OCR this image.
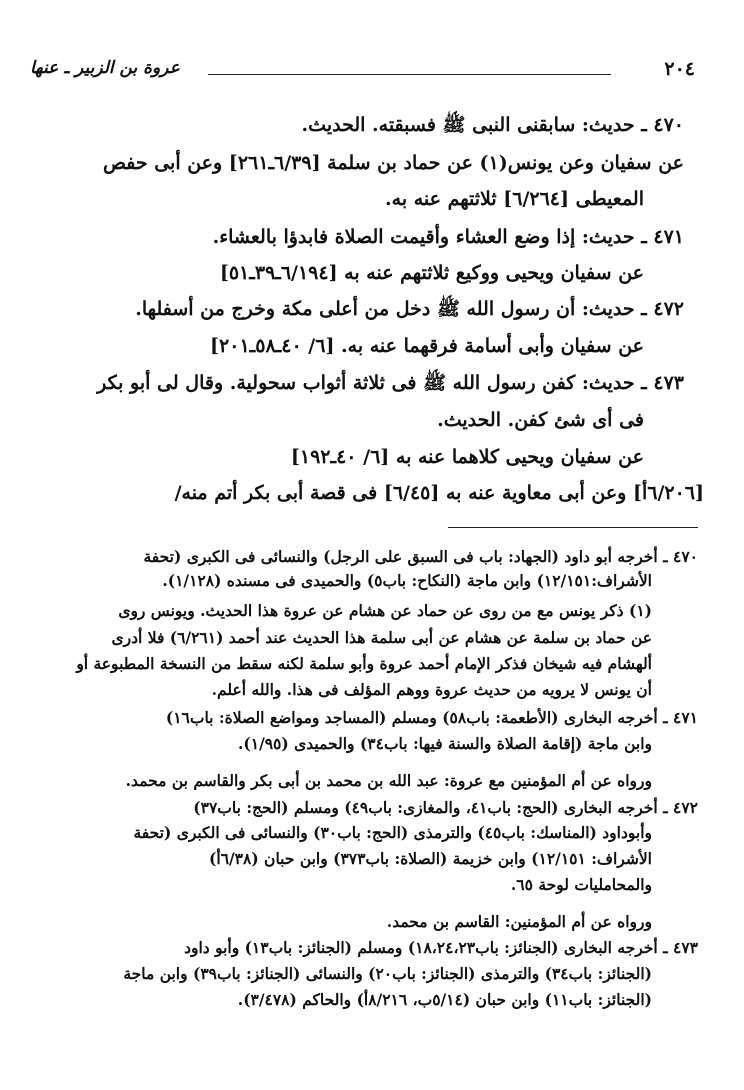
٢٠٤
عروة بن الزبير ـ عنها
٤٧٠ ـ حديث: سابقنى النبى ﷺ فسبقته. الحديث.
عن سفيان وعن يونس(١) عن حماد بن سلمة [٦/٣٩ـ٢٦١] وعن أبى حفص
المعيطى [٦/٢٦٤] ثلاثتهم عنه به.
٤٧١ ـ حديث: إذا وضع العشاء وأقيمت الصلاة فابدؤا بالعشاء.
عن سفيان ويحيى ووكيع ثلاثتهم عنه به [٦/١٩٤ـ٣٩ـ٥١]
٤٧٢ ـ حديث: أن رسول الله ﷺ دخل من أعلى مكة وخرج من أسفلها.
عن سفيان وأبى أسامة فرقهما عنه به. [٦/ ٤٠ـ٥٨ـ٢٠١]
٤٧٣ ـ حديث: كفن رسول الله ﷺ فى ثلاثة أثواب سحولية. وقال لى أبو بكر
فى أى شئ كفن. الحديث.
عن سفيان ويحيى كلاهما عنه به [٦/ ٤٠ـ١٩٢]
[٦/٢٠٦أ] وعن أبى معاوية عنه به [٦/٤٥] فى قصة أبى بكر أتم منه/
٤٧٠ ـ أخرجه أبو داود (الجهاد: باب فى السبق على الرجل) والنسائى فى الكبرى (تحفة
الأشراف:١٢/١٥١) وابن ماجة (النكاح: باب٥) والحميدى فى مسنده (١/١٢٨).
(١) ذكر يونس مع من روى عن حماد عن هشام عن عروة هذا الحديث. ويونس روى
عن حماد بن سلمة عن هشام عن أبى سلمة هذا الحديث عند أحمد (٦/٢٦١) فلا أدرى
ألهشام فيه شيخان فذكر الإمام أحمد عروة وأبو سلمة لكنه سقط من النسخة المطبوعة أو
أن يونس لا يرويه من حديث عروة ووهم المؤلف فى هذا. والله أعلم.
٤٧١ ـ أخرجه البخارى (الأطعمة: باب٥٨) ومسلم (المساجد ومواضع الصلاة: باب١٦)
وابن ماجة (إقامة الصلاة والسنة فيها: باب٣٤) والحميدى (١/٩٥).
ورواه عن أم المؤمنين مع عروة: عبد الله بن محمد بن أبى بكر والقاسم بن محمد.
٤٧٢ ـ أخرجه البخارى (الحج: باب٤١، والمغازى: باب٤٩) ومسلم (الحج: باب٣٧)
وأبوداود (المناسك: باب٤٥) والترمذى (الحج: باب٣٠) والنسائى فى الكبرى (تحفة
الأشراف: ١٢/١٥١) وابن خزيمة (الصلاة: باب٣٧٣) وابن حبان (٦/٣٨أ)
والمحامليات لوحة ٦٥.
ورواه عن أم المؤمنين: القاسم بن محمد.
٤٧٣ ـ أخرجه البخارى (الجنائز: باب١٨،٢٤،٢٣) ومسلم (الجنائز: باب١٣) وأبو داود
(الجنائز: باب٣٤) والترمذى (الجنائز: باب٢٠) والنسائى (الجنائز: باب٣٩) وابن ماجة
(الجنائز: باب١١) وابن حبان (٥/١٤ب، ٨/٢١٦أ) والحاكم (٣/٤٧٨).
